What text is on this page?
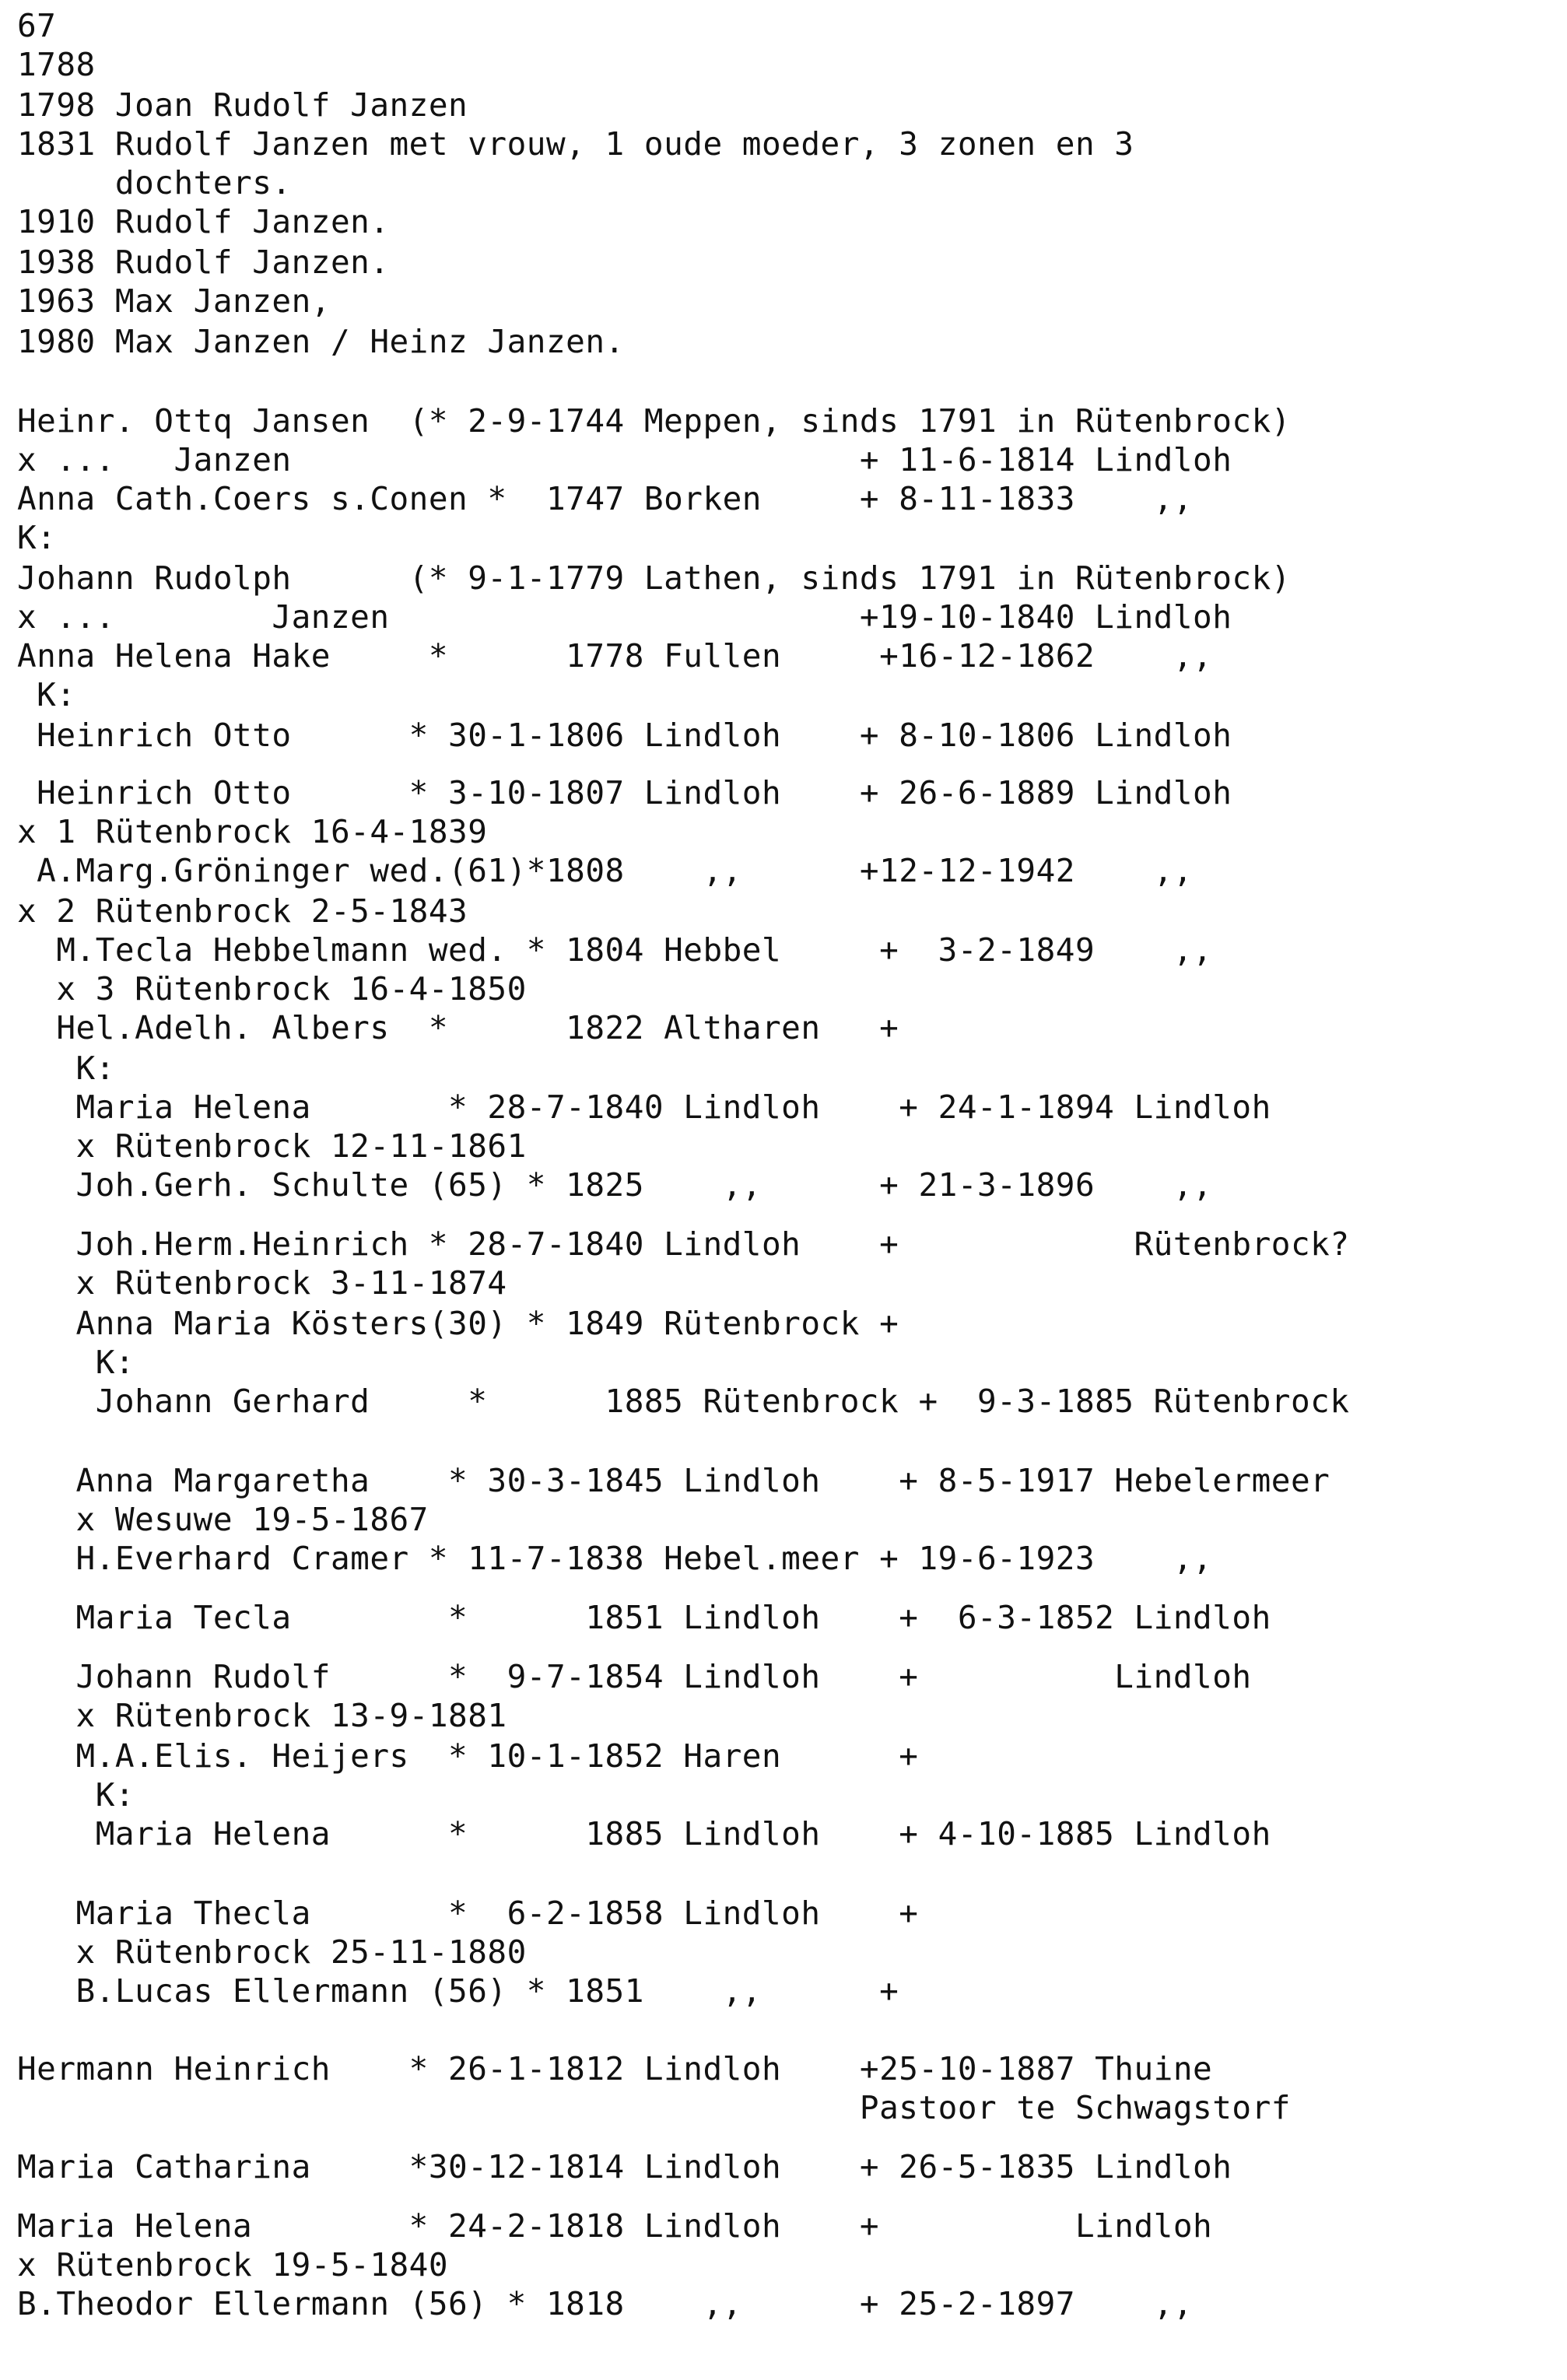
67

1788

1798 Joan Rudolf Janzen

1831 Rudolf Janzen met vrouw, 1 oude moeder, 3 zonen en 3

dochters.

1910 Rudolf Janzen.

1938 Rudolf Janzen.

1963 Max Janzen,

1980 Max Janzen / Heinz Janzen.

Heinr. Ottq Jansen  (* 2-9-1744 Meppen, sinds 1791 in Rütenbrock)

x ...   Janzen                             + 11-6-1814 Lindloh

Anna Cath.Coers s.Conen *  1747 Borken     + 8-11-1833    ,,

K:

Johann Rudolph      (* 9-1-1779 Lathen, sinds 1791 in Rütenbrock)

x ...        Janzen                        +19-10-1840 Lindloh

Anna Helena Hake     *      1778 Fullen     +16-12-1862    ,,

K:

Heinrich Otto      * 30-1-1806 Lindloh    + 8-10-1806 Lindloh

Heinrich Otto      * 3-10-1807 Lindloh    + 26-6-1889 Lindloh

x 1 Rütenbrock 16-4-1839

A.Marg.Gröninger wed.(61)*1808    ,,      +12-12-1942    ,,

x 2 Rütenbrock 2-5-1843

M.Tecla Hebbelmann wed. * 1804 Hebbel     +  3-2-1849    ,,

x 3 Rütenbrock 16-4-1850

Hel.Adelh. Albers  *      1822 Altharen   +

K:

Maria Helena       * 28-7-1840 Lindloh    + 24-1-1894 Lindloh

x Rütenbrock 12-11-1861

Joh.Gerh. Schulte (65) * 1825    ,,      + 21-3-1896    ,,

Joh.Herm.Heinrich * 28-7-1840 Lindloh    +            Rütenbrock?

x Rütenbrock 3-11-1874

Anna Maria Kösters(30) * 1849 Rütenbrock +

K:

Johann Gerhard     *      1885 Rütenbrock +  9-3-1885 Rütenbrock

Anna Margaretha    * 30-3-1845 Lindloh    + 8-5-1917 Hebelermeer

x Wesuwe 19-5-1867

H.Everhard Cramer * 11-7-1838 Hebel.meer + 19-6-1923    ,,

Maria Tecla        *      1851 Lindloh    +  6-3-1852 Lindloh

Johann Rudolf      *  9-7-1854 Lindloh    +          Lindloh

x Rütenbrock 13-9-1881

M.A.Elis. Heijers  * 10-1-1852 Haren      +

K:

Maria Helena      *      1885 Lindloh    + 4-10-1885 Lindloh

Maria Thecla       *  6-2-1858 Lindloh    +

x Rütenbrock 25-11-1880

B.Lucas Ellermann (56) * 1851    ,,      +

Hermann Heinrich    * 26-1-1812 Lindloh    +25-10-1887 Thuine

Pastoor te Schwagstorf

Maria Catharina     *30-12-1814 Lindloh    + 26-5-1835 Lindloh

Maria Helena        * 24-2-1818 Lindloh    +          Lindloh

x Rütenbrock 19-5-1840

B.Theodor Ellermann (56) * 1818    ,,      + 25-2-1897    ,,
